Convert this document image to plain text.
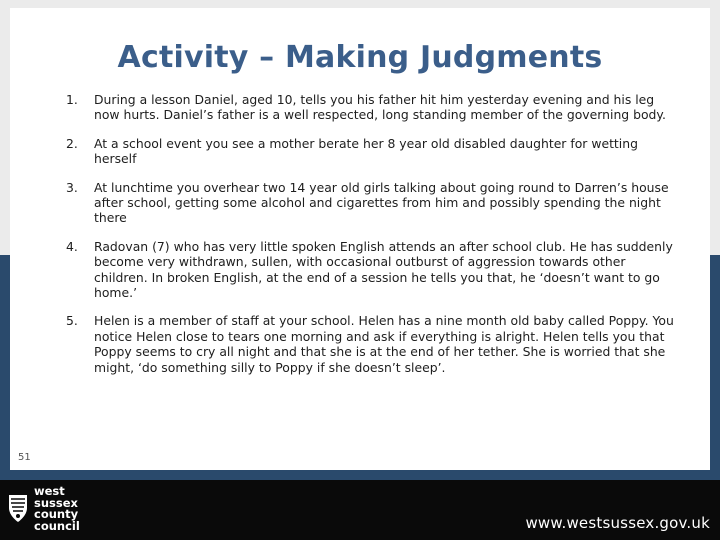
Activity – Making Judgments
1. During a lesson Daniel, aged 10, tells you his father hit him yesterday evening and his leg now hurts. Daniel’s father is a well respected, long standing member of the governing body.
2. At a school event you see a mother berate her 8 year old disabled daughter for wetting herself
3. At lunchtime you overhear two 14 year old girls talking about going round to Darren’s house after school, getting some alcohol and cigarettes from him and possibly spending the night there
4. Radovan (7) who has very little spoken English attends an after school club. He has suddenly become very withdrawn, sullen, with occasional outburst of aggression towards other children. In broken English, at the end of a session he tells you that, he ‘doesn’t want to go home.’
5. Helen is a member of staff at your school. Helen has a nine month old baby called Poppy. You notice Helen close to tears one morning and ask if everything is alright. Helen tells you that Poppy seems to cry all night and that she is at the end of her tether. She is worried that she might, ‘do something silly to Poppy if she doesn’t sleep’.
51
west
sussex
county
council	www.westsussex.gov.uk
